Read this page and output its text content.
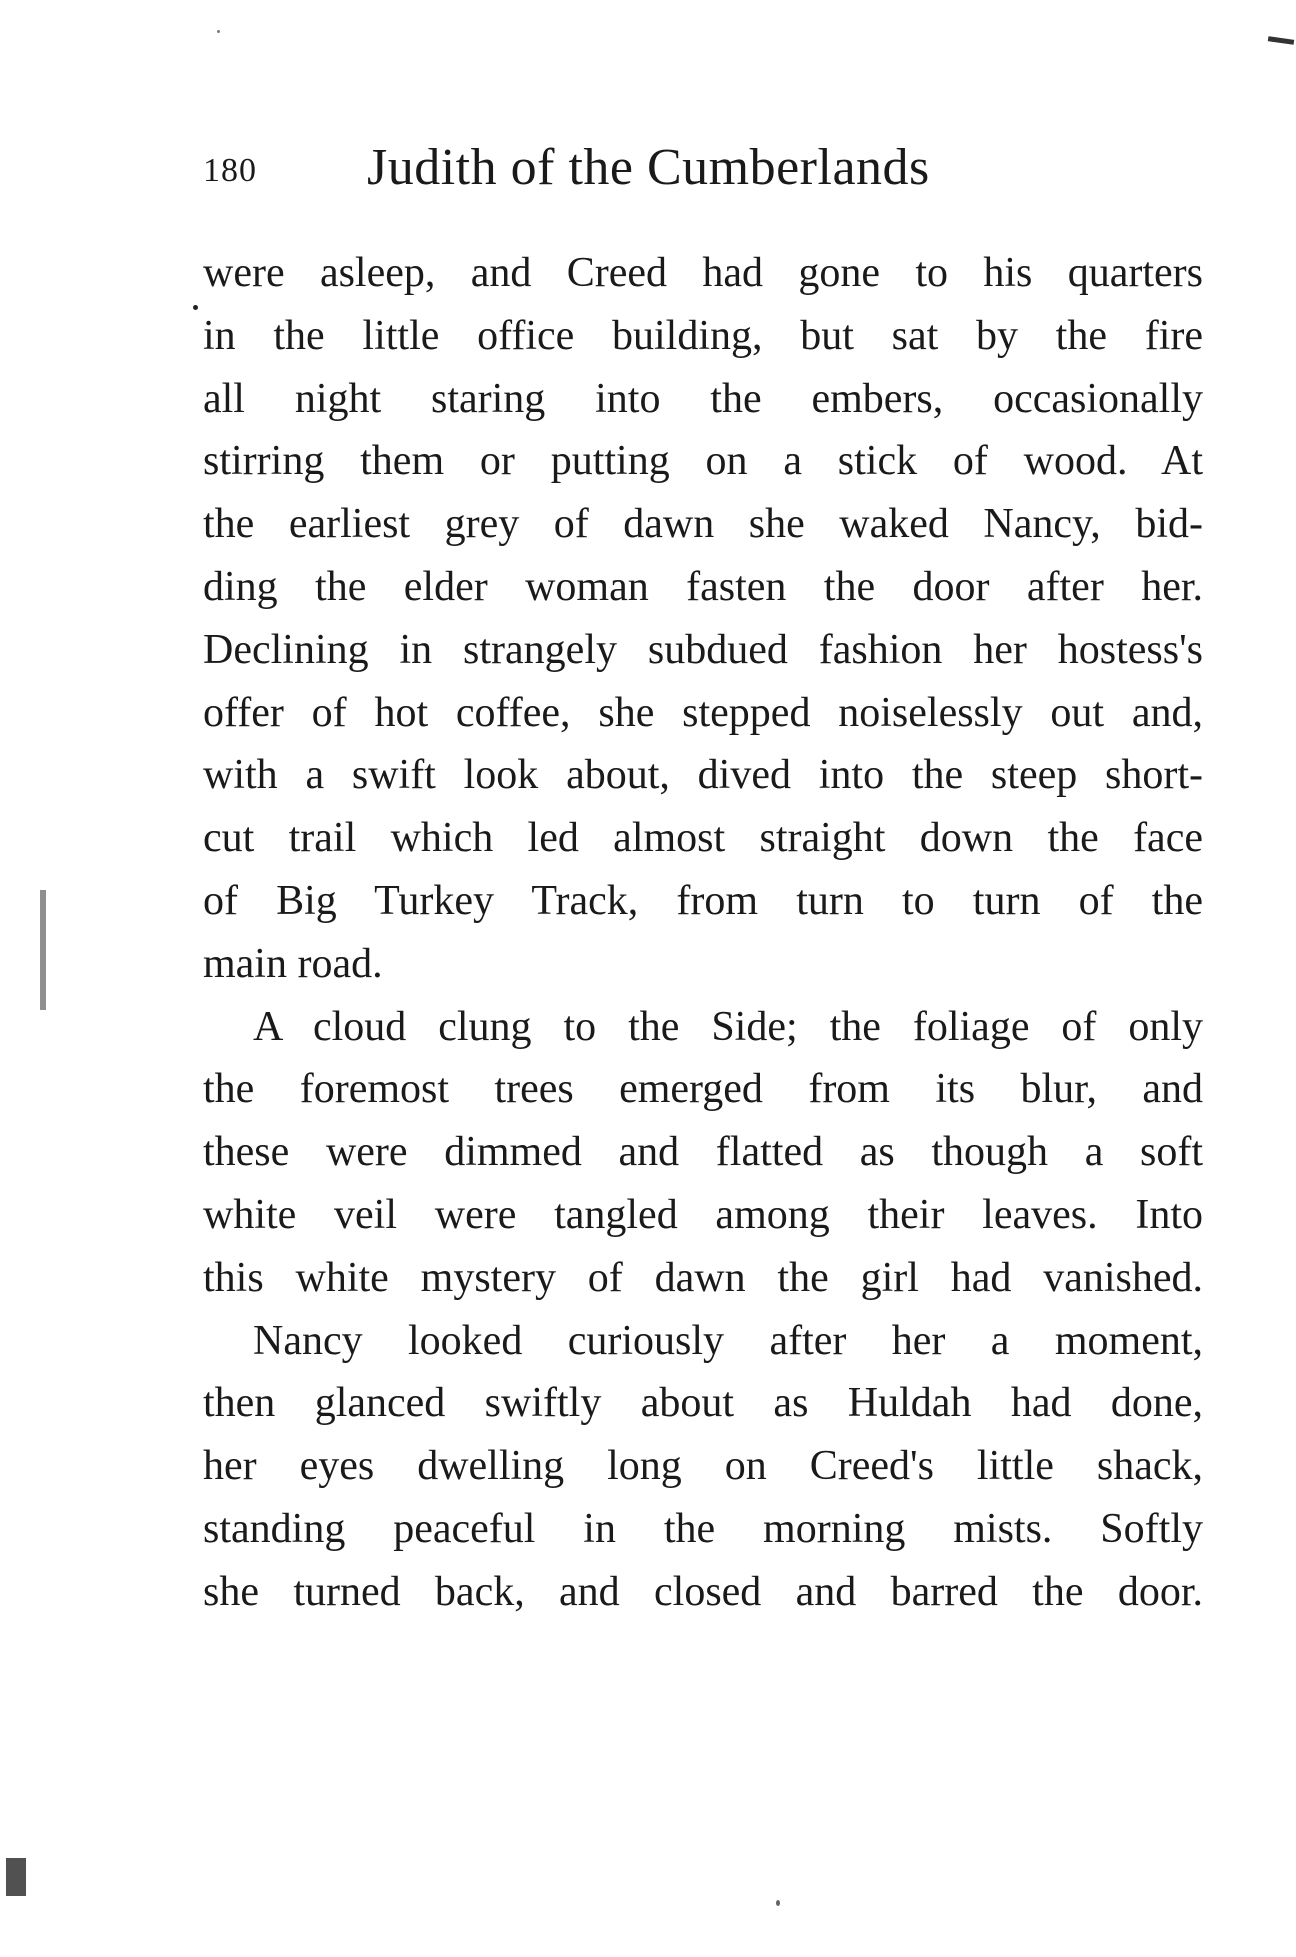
180 Judith of the Cumberlands
were asleep, and Creed had gone to his quarters
in the little office building, but sat by the fire
all night staring into the embers, occasionally
stirring them or putting on a stick of wood. At
the earliest grey of dawn she waked Nancy, bid-
ding the elder woman fasten the door after her.
Declining in strangely subdued fashion her hostess's
offer of hot coffee, she stepped noiselessly out and,
with a swift look about, dived into the steep short-
cut trail which led almost straight down the face
of Big Turkey Track, from turn to turn of the
main road.
A cloud clung to the Side; the foliage of only
the foremost trees emerged from its blur, and
these were dimmed and flatted as though a soft
white veil were tangled among their leaves. Into
this white mystery of dawn the girl had vanished.
Nancy looked curiously after her a moment,
then glanced swiftly about as Huldah had done,
her eyes dwelling long on Creed's little shack,
standing peaceful in the morning mists. Softly
she turned back, and closed and barred the door.
